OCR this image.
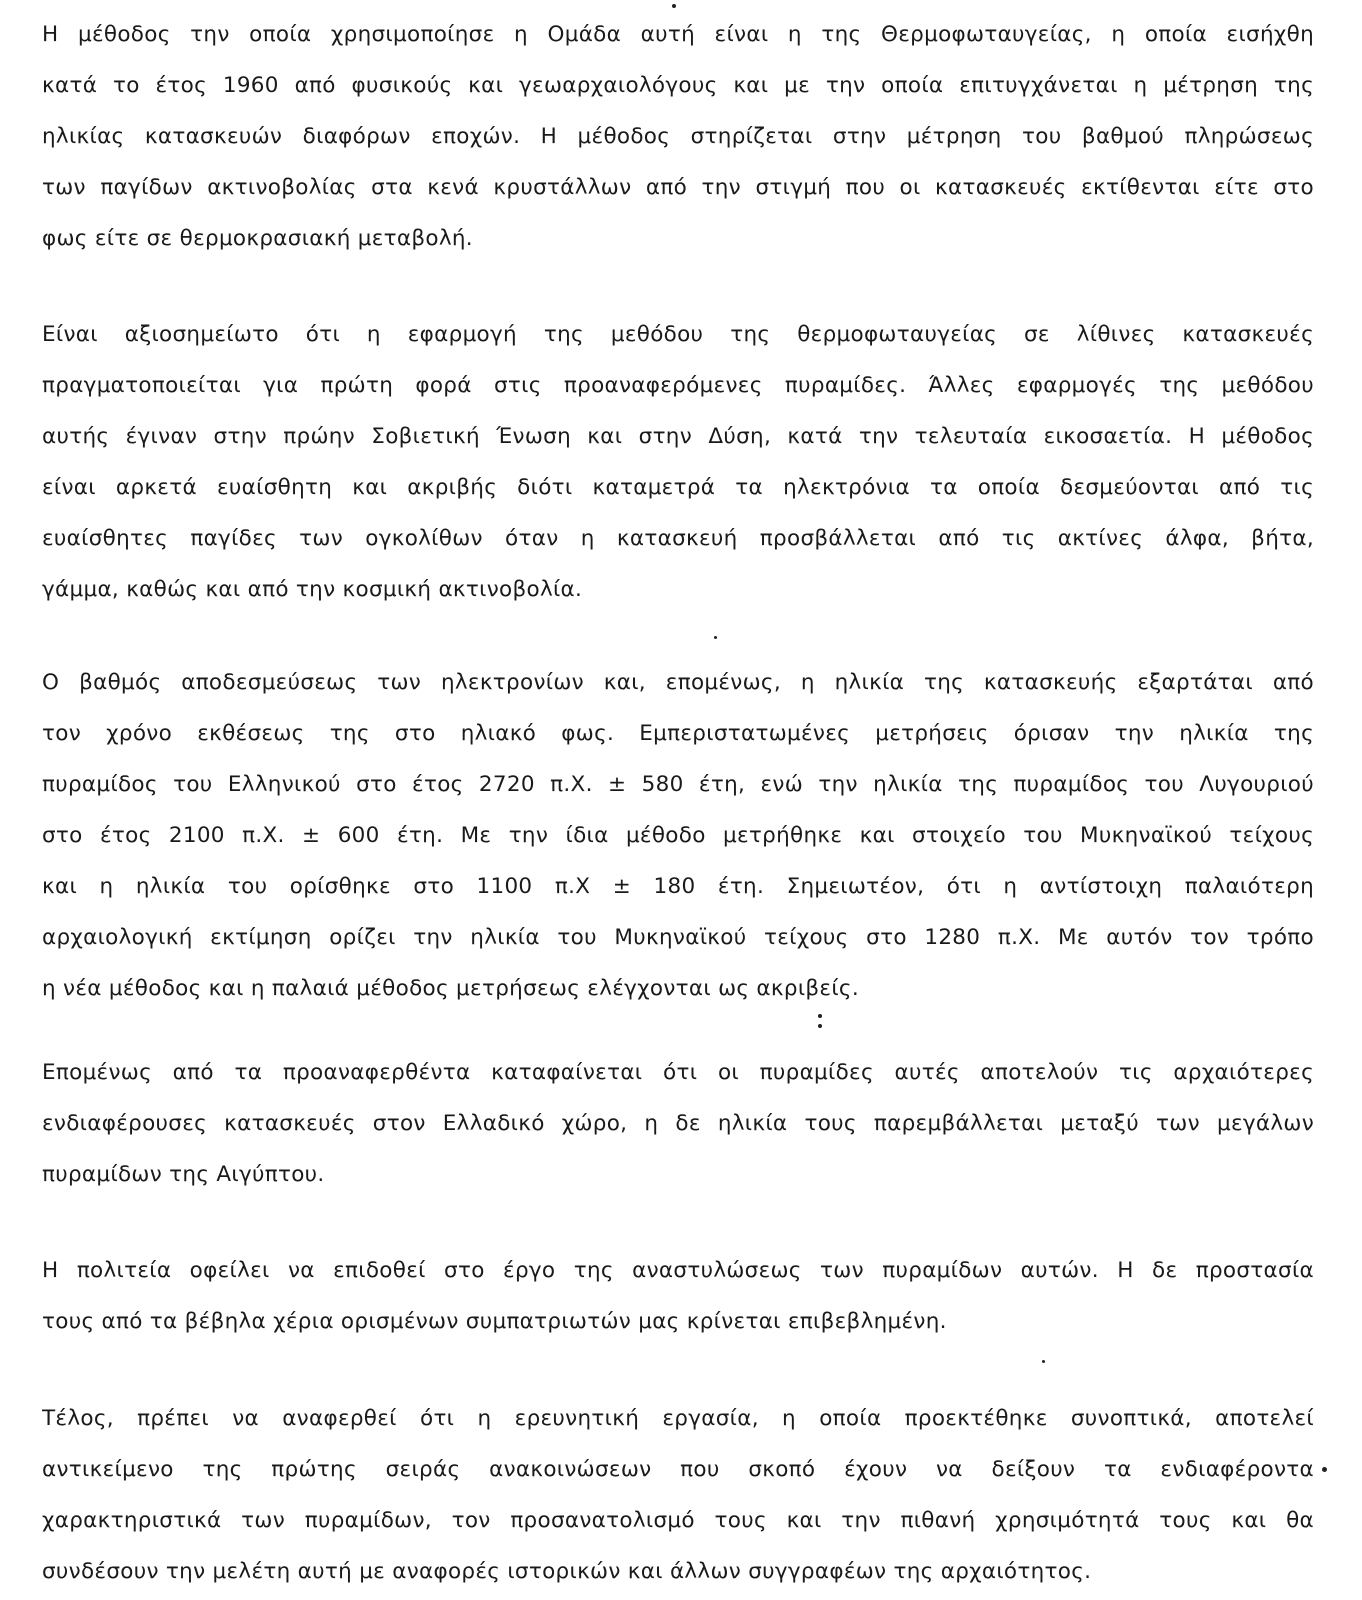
Η μέθοδος την οποία χρησιμοποίησε η Ομάδα αυτή είναι η της Θερμοφωταυγείας, η οποία εισήχθη

κατά το έτος 1960 από φυσικούς και γεωαρχαιολόγους και με την οποία επιτυγχάνεται η μέτρηση της

ηλικίας κατασκευών διαφόρων εποχών. Η μέθοδος στηρίζεται στην μέτρηση του βαθμού πληρώσεως

των παγίδων ακτινοβολίας στα κενά κρυστάλλων από την στιγμή που οι κατασκευές εκτίθενται είτε στο

φως είτε σε θερμοκρασιακή μεταβολή.

Είναι αξιοσημείωτο ότι η εφαρμογή της μεθόδου της θερμοφωταυγείας σε λίθινες κατασκευές

πραγματοποιείται για πρώτη φορά στις προαναφερόμενες πυραμίδες. Άλλες εφαρμογές της μεθόδου

αυτής έγιναν στην πρώην Σοβιετική Ένωση και στην Δύση, κατά την τελευταία εικοσαετία. Η μέθοδος

είναι αρκετά ευαίσθητη και ακριβής διότι καταμετρά τα ηλεκτρόνια τα οποία δεσμεύονται από τις

ευαίσθητες παγίδες των ογκολίθων όταν η κατασκευή προσβάλλεται από τις ακτίνες άλφα, βήτα,

γάμμα, καθώς και από την κοσμική ακτινοβολία.

Ο βαθμός αποδεσμεύσεως των ηλεκτρονίων και, επομένως, η ηλικία της κατασκευής εξαρτάται από

τον χρόνο εκθέσεως της στο ηλιακό φως. Εμπεριστατωμένες μετρήσεις όρισαν την ηλικία της

πυραμίδος του Ελληνικού στο έτος 2720 π.Χ. ± 580 έτη, ενώ την ηλικία της πυραμίδος του Λυγουριού

στο έτος 2100 π.Χ. ± 600 έτη. Με την ίδια μέθοδο μετρήθηκε και στοιχείο του Μυκηναϊκού τείχους

και η ηλικία του ορίσθηκε στο 1100 π.Χ ± 180 έτη. Σημειωτέον, ότι η αντίστοιχη παλαιότερη

αρχαιολογική εκτίμηση ορίζει την ηλικία του Μυκηναϊκού τείχους στο 1280 π.Χ. Με αυτόν τον τρόπο

η νέα μέθοδος και η παλαιά μέθοδος μετρήσεως ελέγχονται ως ακριβείς.

Επομένως από τα προαναφερθέντα καταφαίνεται ότι οι πυραμίδες αυτές αποτελούν τις αρχαιότερες

ενδιαφέρουσες κατασκευές στον Ελλαδικό χώρο, η δε ηλικία τους παρεμβάλλεται μεταξύ των μεγάλων

πυραμίδων της Αιγύπτου.

Η πολιτεία οφείλει να επιδοθεί στο έργο της αναστυλώσεως των πυραμίδων αυτών. Η δε προστασία

τους από τα βέβηλα χέρια ορισμένων συμπατριωτών μας κρίνεται επιβεβλημένη.

Τέλος, πρέπει να αναφερθεί ότι η ερευνητική εργασία, η οποία προεκτέθηκε συνοπτικά, αποτελεί

αντικείμενο της πρώτης σειράς ανακοινώσεων που σκοπό έχουν να δείξουν τα ενδιαφέροντα

χαρακτηριστικά των πυραμίδων, τον προσανατολισμό τους και την πιθανή χρησιμότητά τους και θα

συνδέσουν την μελέτη αυτή με αναφορές ιστορικών και άλλων συγγραφέων της αρχαιότητος.
